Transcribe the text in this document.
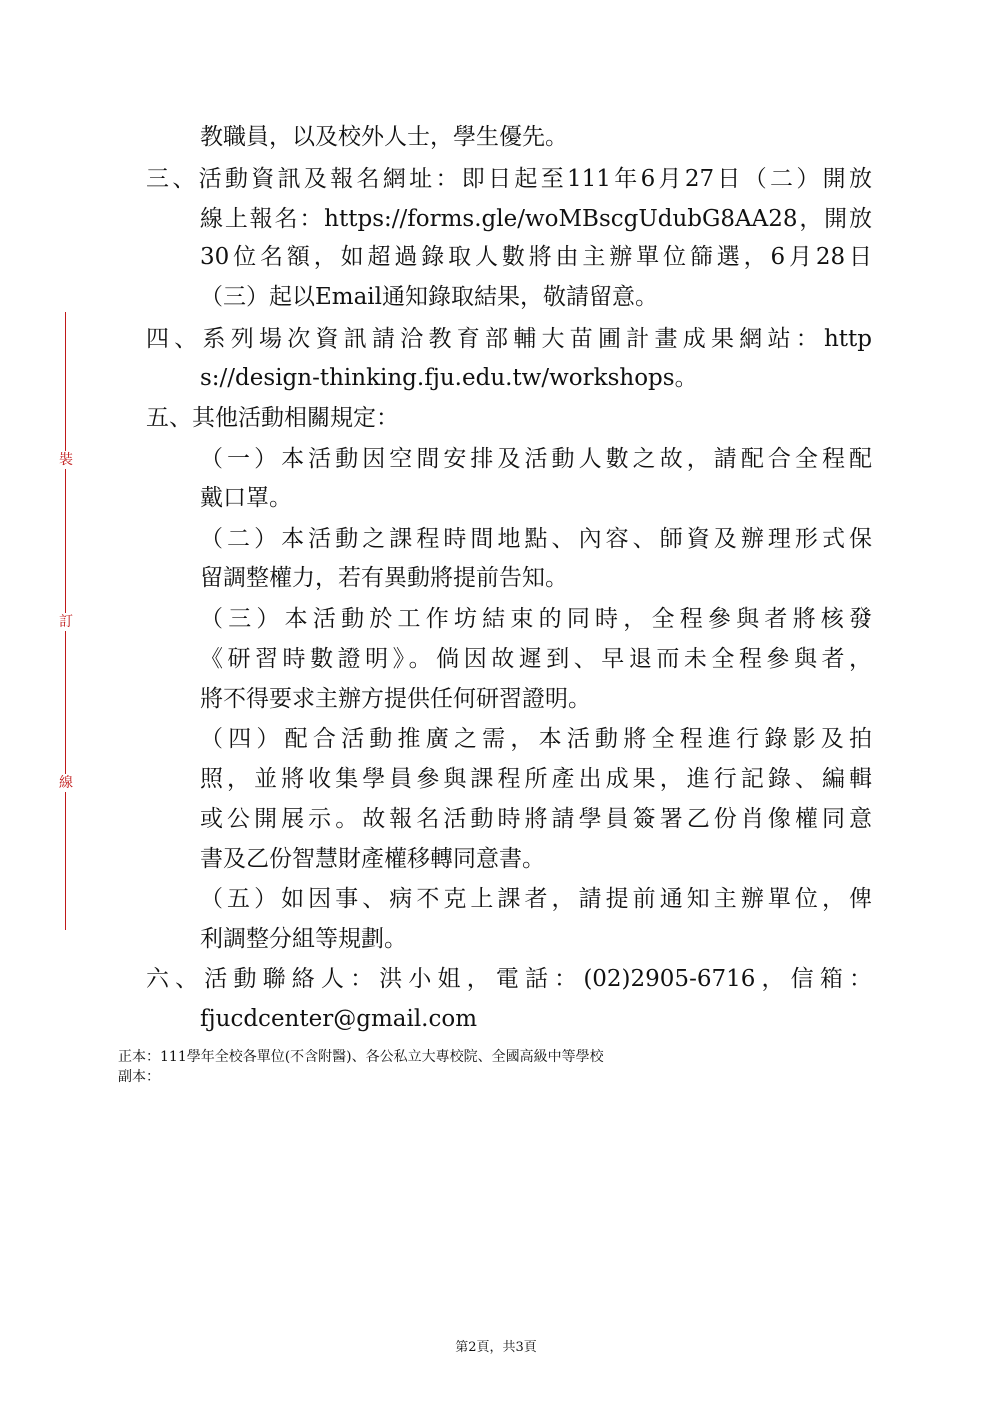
裝
訂
線
教職員，以及校外人士，學生優先。
三、活動資訊及報名網址：即日起至111年6月27日（二）開放
線上報名：https://forms.gle/woMBscgUdubG8AA28，開放
30位名額，如超過錄取人數將由主辦單位篩選，6月28日
（三）起以Email通知錄取結果，敬請留意。
四、系列場次資訊請洽教育部輔大苗圃計畫成果網站：http
s://design-thinking.fju.edu.tw/workshops。
五、其他活動相關規定：
（一）本活動因空間安排及活動人數之故，請配合全程配
戴口罩。
（二）本活動之課程時間地點、內容、師資及辦理形式保
留調整權力，若有異動將提前告知。
（三）本活動於工作坊結束的同時，全程參與者將核發
《研習時數證明》。倘因故遲到、早退而未全程參與者，
將不得要求主辦方提供任何研習證明。
（四）配合活動推廣之需，本活動將全程進行錄影及拍
照，並將收集學員參與課程所產出成果，進行記錄、編輯
或公開展示。故報名活動時將請學員簽署乙份肖像權同意
書及乙份智慧財產權移轉同意書。
（五）如因事、病不克上課者，請提前通知主辦單位，俾
利調整分組等規劃。
六、活動聯絡人：洪小姐，電話：(02)2905-6716，信箱：
fjucdcenter@gmail.com
正本：111學年全校各單位(不含附醫)、各公私立大專校院、全國高級中等學校
副本：
第2頁，共3頁
